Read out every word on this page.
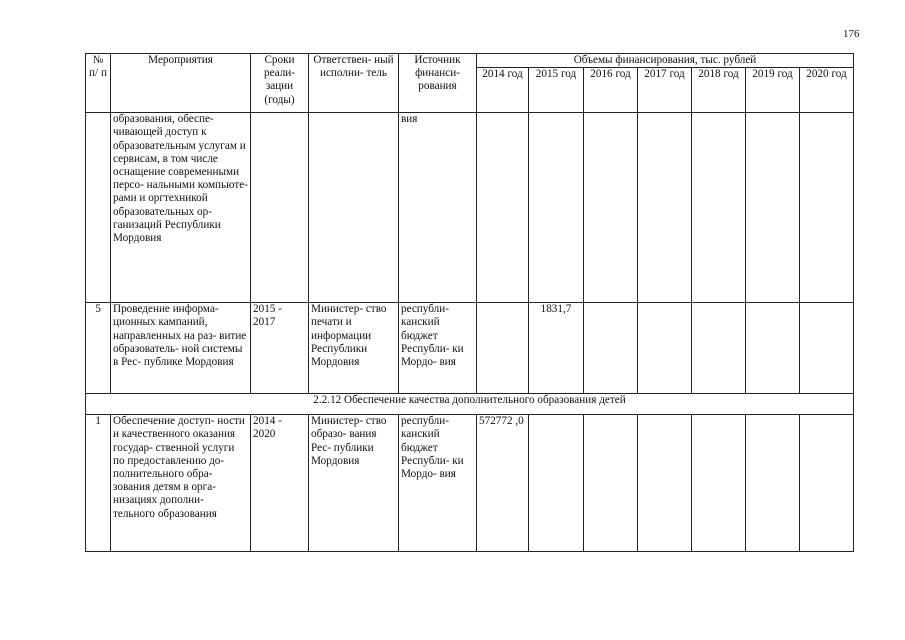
176
№ п/ п	Мероприятия	Сроки реали- зации (годы)	Ответствен- ный исполни- тель	Источник финанси- рования	Объемы финансирования, тыс. рублей						
					2014 год	2015 год	2016 год	2017 год	2018 год	2019 год	2020 год
	образования, обеспе- чивающей доступ к образовательным услугам и сервисам, в том числе оснащение современными персо- нальными компьюте- рами и оргтехникой образовательных ор- ганизаций Республики Мордовия			вия							
5	Проведение информа- ционных кампаний, направленных на раз- витие образователь- ной системы в Рес- публике Мордовия	2015 - 2017	Министер- ство печати и информации Республики Мордовия	республи- канский бюджет Республи- ки Мордо- вия		1831,7					
2.2.12 Обеспечение качества дополнительного образования детей											
1	Обеспечение доступ- ности и качественного оказания государ- ственной услуги по предоставлению до- полнительного обра- зования детям в орга- низациях дополни- тельного образования	2014 - 2020	Министер- ство образо- вания Рес- публики Мордовия	республи- канский бюджет Республи- ки Мордо- вия	572772 ,0						
